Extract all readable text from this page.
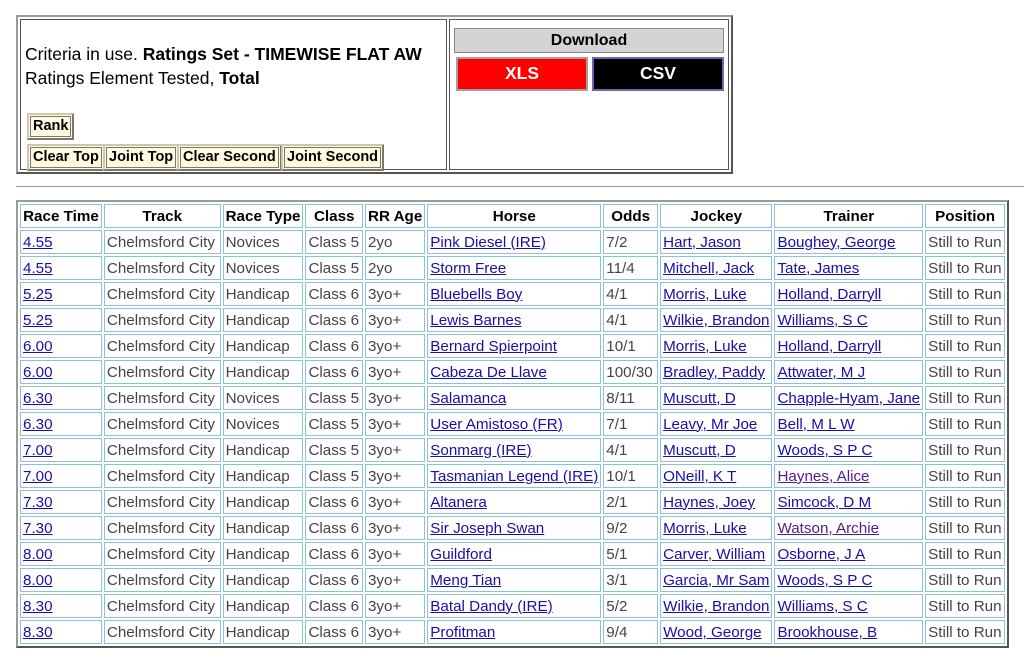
Criteria in use. Ratings Set - TIMEWISE FLAT AW
Ratings Element Tested, Total
Rank
Clear Top Joint Top Clear Second Joint Second
Download
XLS	CSV
Race Time	Track	Race Type	Class	RR Age	Horse	Odds	Jockey	Trainer	Position
4.55	Chelmsford City	Novices	Class 5	2yo	Pink Diesel (IRE)	7/2	Hart, Jason	Boughey, George	Still to Run
4.55	Chelmsford City	Novices	Class 5	2yo	Storm Free	11/4	Mitchell, Jack	Tate, James	Still to Run
5.25	Chelmsford City	Handicap	Class 6	3yo+	Bluebells Boy	4/1	Morris, Luke	Holland, Darryll	Still to Run
5.25	Chelmsford City	Handicap	Class 6	3yo+	Lewis Barnes	4/1	Wilkie, Brandon	Williams, S C	Still to Run
6.00	Chelmsford City	Handicap	Class 6	3yo+	Bernard Spierpoint	10/1	Morris, Luke	Holland, Darryll	Still to Run
6.00	Chelmsford City	Handicap	Class 6	3yo+	Cabeza De Llave	100/30	Bradley, Paddy	Attwater, M J	Still to Run
6.30	Chelmsford City	Novices	Class 5	3yo+	Salamanca	8/11	Muscutt, D	Chapple-Hyam, Jane	Still to Run
6.30	Chelmsford City	Novices	Class 5	3yo+	User Amistoso (FR)	7/1	Leavy, Mr Joe	Bell, M L W	Still to Run
7.00	Chelmsford City	Handicap	Class 5	3yo+	Sonmarg (IRE)	4/1	Muscutt, D	Woods, S P C	Still to Run
7.00	Chelmsford City	Handicap	Class 5	3yo+	Tasmanian Legend (IRE)	10/1	ONeill, K T	Haynes, Alice	Still to Run
7.30	Chelmsford City	Handicap	Class 6	3yo+	Altanera	2/1	Haynes, Joey	Simcock, D M	Still to Run
7.30	Chelmsford City	Handicap	Class 6	3yo+	Sir Joseph Swan	9/2	Morris, Luke	Watson, Archie	Still to Run
8.00	Chelmsford City	Handicap	Class 6	3yo+	Guildford	5/1	Carver, William	Osborne, J A	Still to Run
8.00	Chelmsford City	Handicap	Class 6	3yo+	Meng Tian	3/1	Garcia, Mr Sam	Woods, S P C	Still to Run
8.30	Chelmsford City	Handicap	Class 6	3yo+	Batal Dandy (IRE)	5/2	Wilkie, Brandon	Williams, S C	Still to Run
8.30	Chelmsford City	Handicap	Class 6	3yo+	Profitman	9/4	Wood, George	Brookhouse, B	Still to Run
